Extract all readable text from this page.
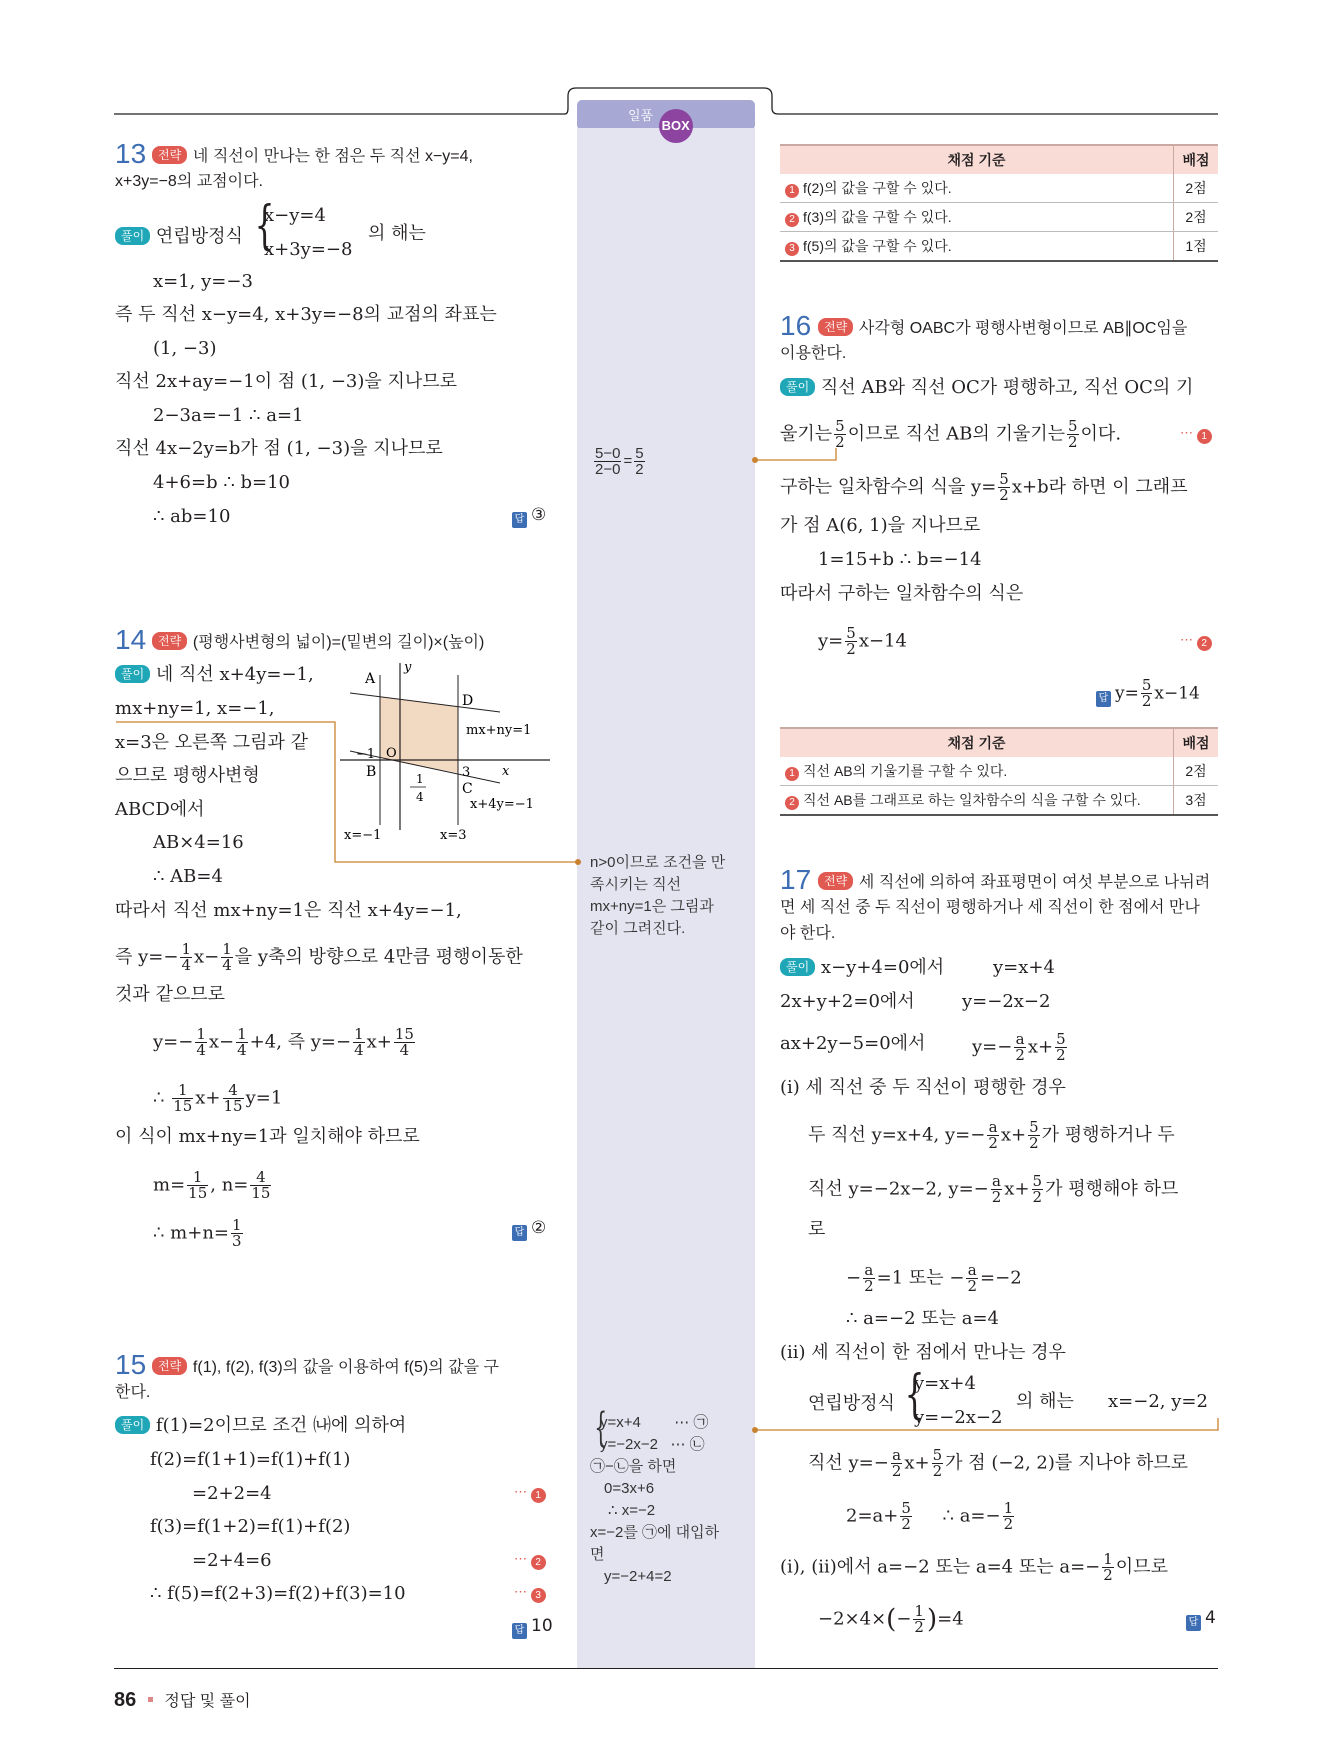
일품 BOX
13 전략 네 직선이 만나는 한 점은 두 직선 x−y=4,
x+3y=−8의 교점이다.
풀이 연립방정식 {
x−y=4
x+3y=−8
의 해는
x=1, y=−3
즉 두 직선 x−y=4, x+3y=−8의 교점의 좌표는
(1, −3)
직선 2x+ay=−1이 점 (1, −3)을 지나므로
2−3a=−1 ∴ a=1
직선 4x−2y=b가 점 (1, −3)을 지나므로
4+6=b ∴ b=10
∴ ab=10	답 ③
14 전략 (평행사변형의 넓이)=(밑변의 길이)×(높이)
풀이 네 직선 x+4y=−1,
mx+ny=1, x=−1,
x=3은 오른쪽 그림과 같
으므로 평행사변형
ABCD에서
AB×4=16
∴ AB=4
따라서 직선 mx+ny=1은 직선 x+4y=−1,
즉 $y=- \frac{1}{4} x- \frac{1}{4}$ 을 y축의 방향으로 4만큼 평행이동한
것과 같으므로
$y=- \frac{1}{4} x- \frac{1}{4} +4$, 즉 $y=- \frac{1}{4} x+ \frac{15}{4}$
∴ $\frac{1}{15} x+ \frac{4}{15} y=1$
이 식이 mx+ny=1과 일치해야 하므로
$m= \frac{1}{15}$ , $n= \frac{4}{15}$
∴ $m+n= \frac{1}{3}$	답 ②
A
y
D
mx+ny=1
−1 O
B	3 x
1
4	C
x+4y=−1
x=−1	x=3
15 전략 f(1), f(2), f(3)의 값을 이용하여 f(5)의 값을 구
한다.
풀이 f(1)=2이므로 조건 ㈏에 의하여
f(2)=f(1+1)=f(1)+f(1)
=2+2=4	⋯ 1
f(3)=f(1+2)=f(1)+f(2)
=2+4=6	⋯ 2
∴ f(5)=f(2+3)=f(2)+f(3)=10	⋯ 3
답 10
채점 기준	배점
1 f(2)의 값을 구할 수 있다.	2점
2 f(3)의 값을 구할 수 있다.	2점
3 f(5)의 값을 구할 수 있다.	1점
16	전략 사각형 OABC가 평행사변형이므로 AB∥OC임을
이용한다.
풀이 직선 AB와 직선 OC가 평행하고, 직선 OC의 기
울기는 $\frac{5}{2}$ 이므로 직선 AB의 기울기는 $\frac{5}{2}$ 이다.	⋯ 1
구하는 일차함수의 식을 $y= \frac{5}{2} x+b$라 하면 이 그래프
가 점 A(6, 1)을 지나므로
1=15+b ∴ b=−14
따라서 구하는 일차함수의 식은
$y= \frac{5}{2} x-14$	⋯ 2
답 $y= \frac{5}{2} x-14$
채점 기준	배점
1 직선 AB의 기울기를 구할 수 있다.	2점
2 직선 AB를 그래프로 하는 일차함수의 식을 구할 수 있다.	3점
17	전략 세 직선에 의하여 좌표평면이 여섯 부분으로 나뉘려
면 세 직선 중 두 직선이 평행하거나 세 직선이 한 점에서 만나
야 한다.
풀이 x−y+4=0에서	y=x+4
2x+y+2=0에서	y=−2x−2
ax+2y−5=0에서	$y=- \frac{a}{2} x+ \frac{5}{2}$
(i) 세 직선 중 두 직선이 평행한 경우
두 직선 y=x+4, $y=- \frac{a}{2} x+ \frac{5}{2}$ 가 평행하거나 두
직선 y=−2x−2, $y=- \frac{a}{2} x+ \frac{5}{2}$ 가 평행해야 하므
로
− $\frac{a}{2} =1$ 또는 − $\frac{a}{2} =-2$
∴ a=−2 또는 a=4
(ii) 세 직선이 한 점에서 만나는 경우
연립방정식 {
y=x+4
y=−2x−2
의 해는 x=−2, y=2
직선 $y=- \frac{a}{2} x+ \frac{5}{2}$ 가 점 (−2, 2)를 지나야 하므로
$2=a+ \frac{5}{2}$ ∴ $a=- \frac{1}{2}$
(i), (ii)에서 a=−2 또는 a=4 또는 $a=- \frac{1}{2}$ 이므로
$-2\times 4\times(- \frac{1}{2} )=4$	답 4
$\frac{5-0}{2-0} = \frac{5}{2}$
n>0이므로 조건을 만
족시키는 직선
mx+ny=1은 그림과
같이 그려진다.
y=x+4 ⋯ ㉠
y=−2x−2 ⋯ ㉡
㉠−㉡을 하면
0=3x+6
∴ x=−2
x=−2를 ㉠에 대입하
면
y=−2+4=2
{
86 정답 및 풀이
